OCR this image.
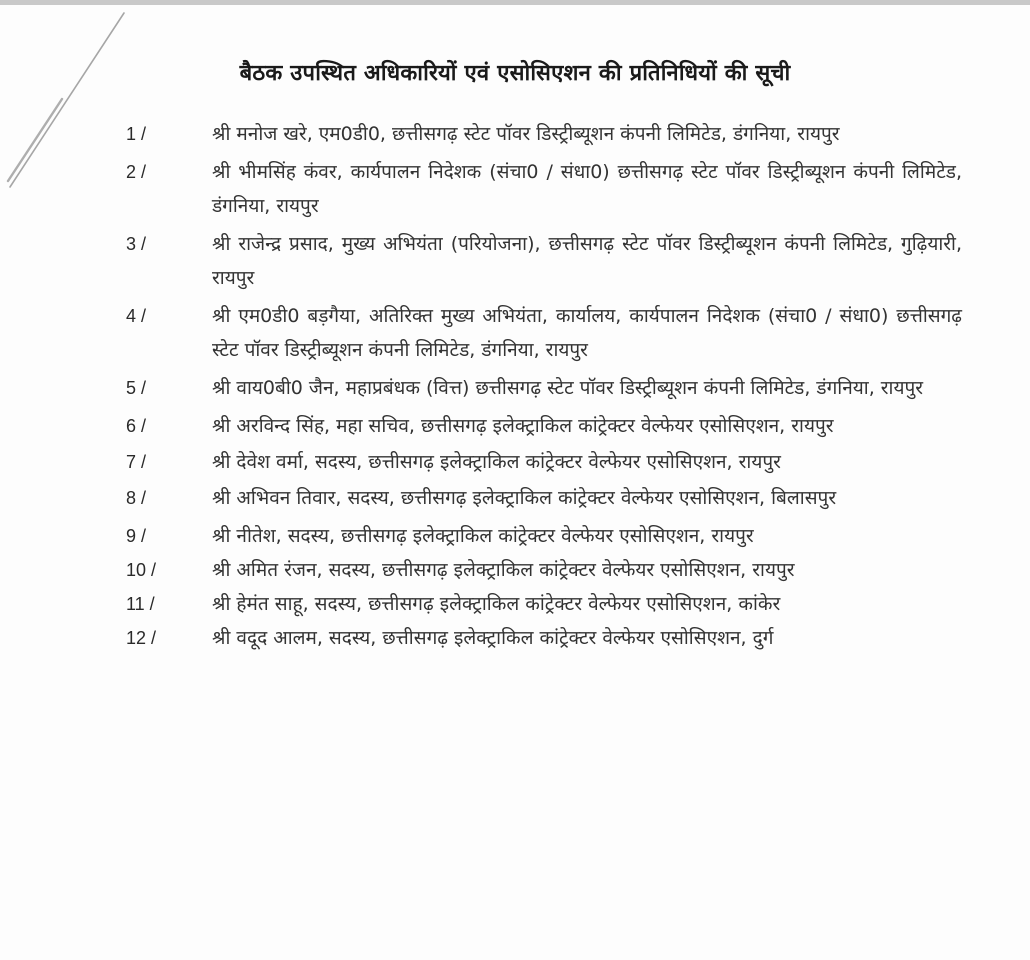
बैठक उपस्थित अधिकारियों एवं एसोसिएशन की प्रतिनिधियों की सूची
1 /	श्री मनोज खरे, एम0डी0, छत्तीसगढ़ स्टेट पॉवर डिस्ट्रीब्यूशन कंपनी लिमिटेड, डंगनिया, रायपुर
2 /	श्री भीमसिंह कंवर, कार्यपालन निदेशक (संचा0 / संधा0) छत्तीसगढ़ स्टेट पॉवर डिस्ट्रीब्यूशन कंपनी लिमिटेड, डंगनिया, रायपुर
3 /	श्री राजेन्द्र प्रसाद, मुख्य अभियंता (परियोजना), छत्तीसगढ़ स्टेट पॉवर डिस्ट्रीब्यूशन कंपनी लिमिटेड, गुढ़ियारी, रायपुर
4 /	श्री एम0डी0 बड़गैया, अतिरिक्त मुख्य अभियंता, कार्यालय, कार्यपालन निदेशक (संचा0 / संधा0) छत्तीसगढ़ स्टेट पॉवर डिस्ट्रीब्यूशन कंपनी लिमिटेड, डंगनिया, रायपुर
5 /	श्री वाय0बी0 जैन, महाप्रबंधक (वित्त) छत्तीसगढ़ स्टेट पॉवर डिस्ट्रीब्यूशन कंपनी लिमिटेड, डंगनिया, रायपुर
6 /	श्री अरविन्द सिंह, महा सचिव, छत्तीसगढ़ इलेक्ट्राकिल कांट्रेक्टर वेल्फेयर एसोसिएशन, रायपुर
7 /	श्री देवेश वर्मा, सदस्य, छत्तीसगढ़ इलेक्ट्राकिल कांट्रेक्टर वेल्फेयर एसोसिएशन, रायपुर
8 /	श्री अभिवन तिवार, सदस्य, छत्तीसगढ़ इलेक्ट्राकिल कांट्रेक्टर वेल्फेयर एसोसिएशन, बिलासपुर
9 /	श्री नीतेश, सदस्य, छत्तीसगढ़ इलेक्ट्राकिल कांट्रेक्टर वेल्फेयर एसोसिएशन, रायपुर
10 /	श्री अमित रंजन, सदस्य, छत्तीसगढ़ इलेक्ट्राकिल कांट्रेक्टर वेल्फेयर एसोसिएशन, रायपुर
11 /	श्री हेमंत साहू, सदस्य, छत्तीसगढ़ इलेक्ट्राकिल कांट्रेक्टर वेल्फेयर एसोसिएशन, कांकेर
12 /	श्री वदूद आलम, सदस्य, छत्तीसगढ़ इलेक्ट्राकिल कांट्रेक्टर वेल्फेयर एसोसिएशन, दुर्ग
